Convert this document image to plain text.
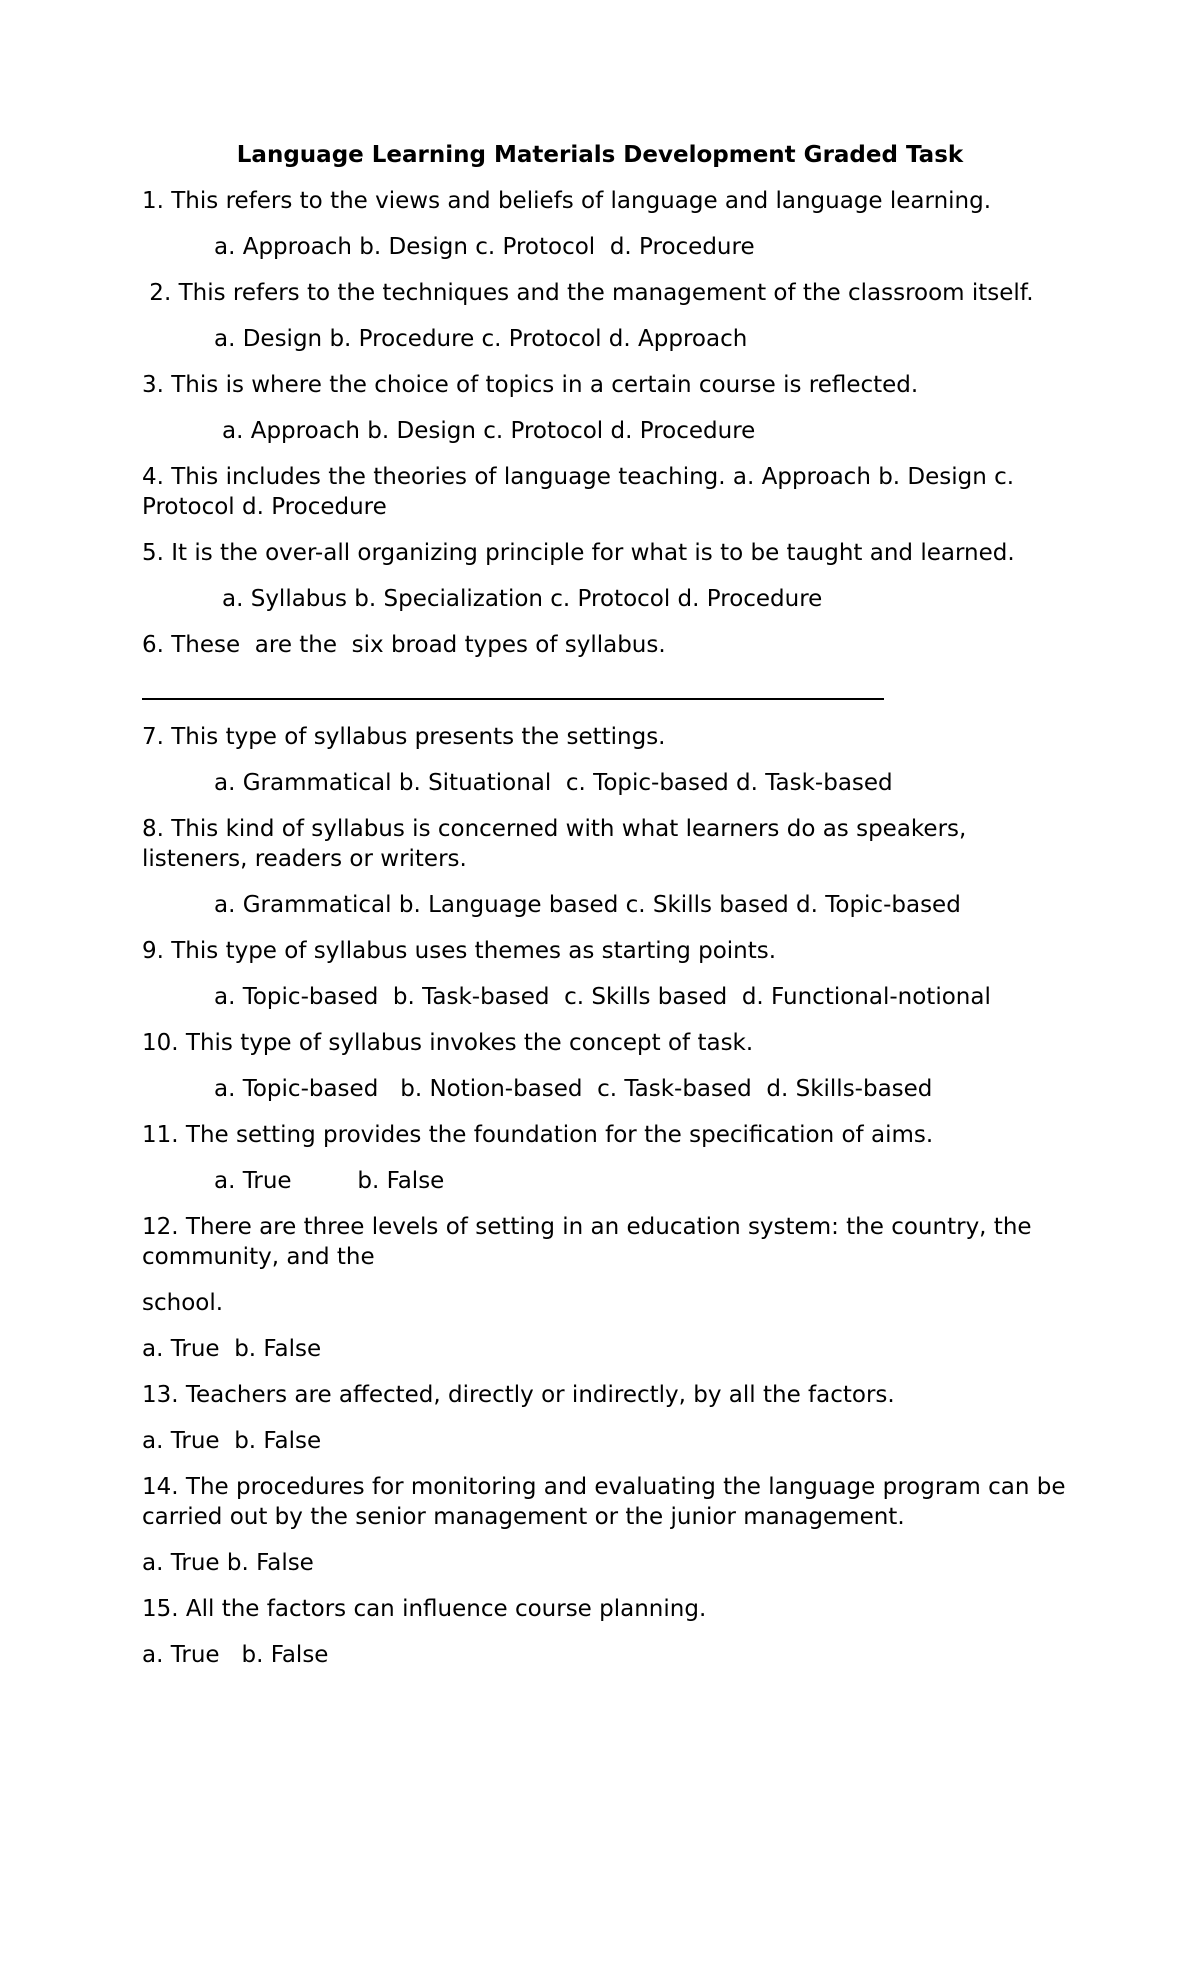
Language Learning Materials Development Graded Task

1. This refers to the views and beliefs of language and language learning.

a. Approach b. Design c. Protocol  d. Procedure

2. This refers to the techniques and the management of the classroom itself.

a. Design b. Procedure c. Protocol d. Approach

3. This is where the choice of topics in a certain course is reflected.

a. Approach b. Design c. Protocol d. Procedure

4. This includes the theories of language teaching. a. Approach b. Design c. Protocol d. Procedure

5. It is the over-all organizing principle for what is to be taught and learned.

a. Syllabus b. Specialization c. Protocol d. Procedure

6. These  are the  six broad types of syllabus.

7. This type of syllabus presents the settings.

a. Grammatical b. Situational  c. Topic-based d. Task-based

8. This kind of syllabus is concerned with what learners do as speakers, listeners, readers or writers.

a. Grammatical b. Language based c. Skills based d. Topic-based

9. This type of syllabus uses themes as starting points.

a. Topic-based  b. Task-based  c. Skills based  d. Functional-notional

10. This type of syllabus invokes the concept of task.

a. Topic-based   b. Notion-based  c. Task-based  d. Skills-based

11. The setting provides the foundation for the specification of aims.

a. True         b. False

12. There are three levels of setting in an education system: the country, the community, and the

school.

a. True  b. False

13. Teachers are affected, directly or indirectly, by all the factors.

a. True  b. False

14. The procedures for monitoring and evaluating the language program can be carried out by the senior management or the junior management.

a. True b. False

15. All the factors can influence course planning.

a. True   b. False
